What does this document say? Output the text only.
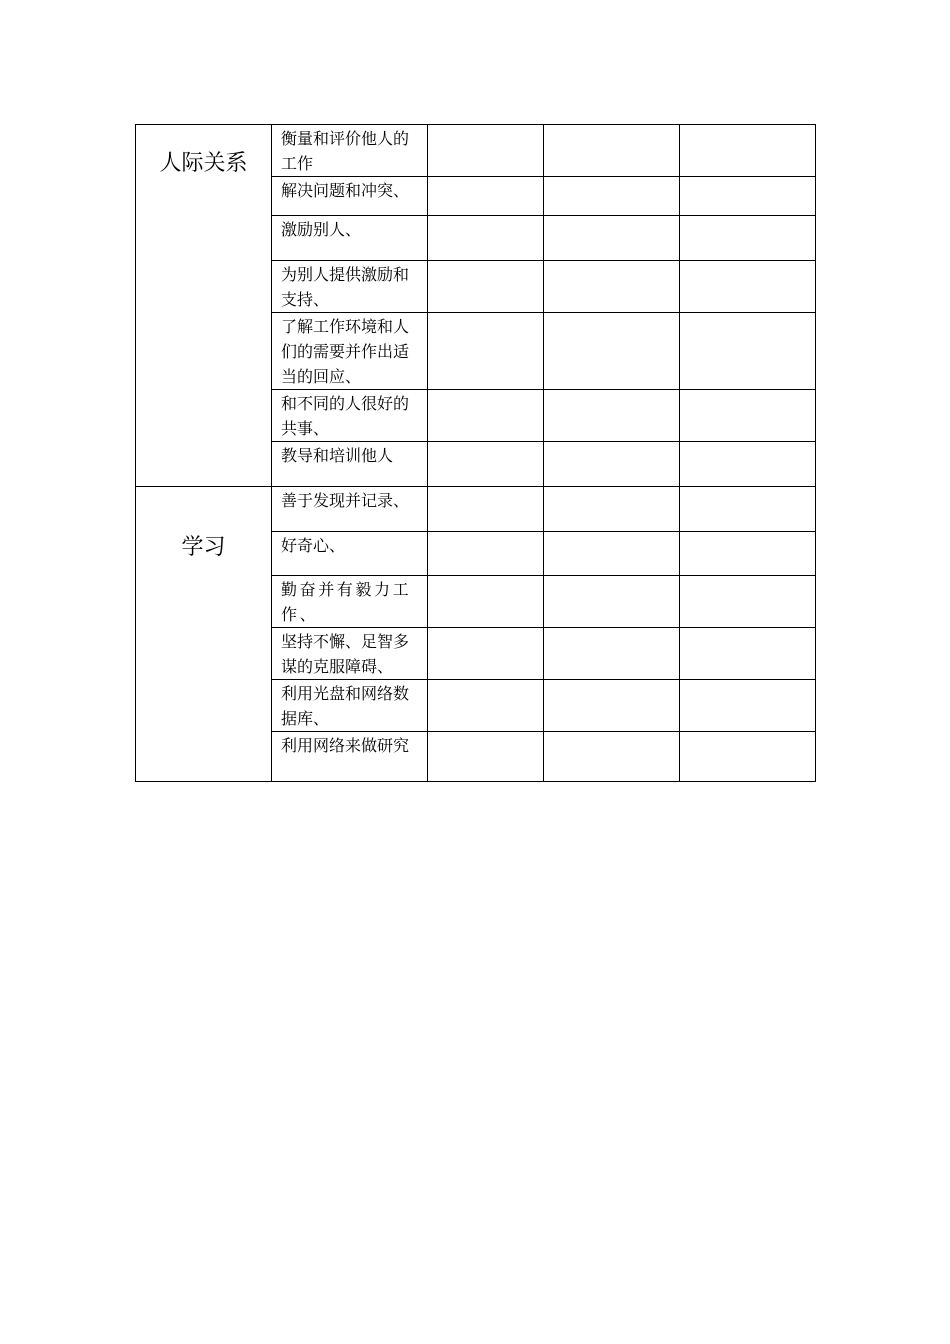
人际关系	衡量和评价他人的工作			
	解决问题和冲突、			
	激励别人、			
	为别人提供激励和支持、			
	了解工作环境和人们的需要并作出适当的回应、			
	和不同的人很好的共事、			
	教导和培训他人			

学习	善于发现并记录、			
	好奇心、			
	勤奋并有毅力工作、			
	坚持不懈、足智多谋的克服障碍、			
	利用光盘和网络数据库、			
	利用网络来做研究			
